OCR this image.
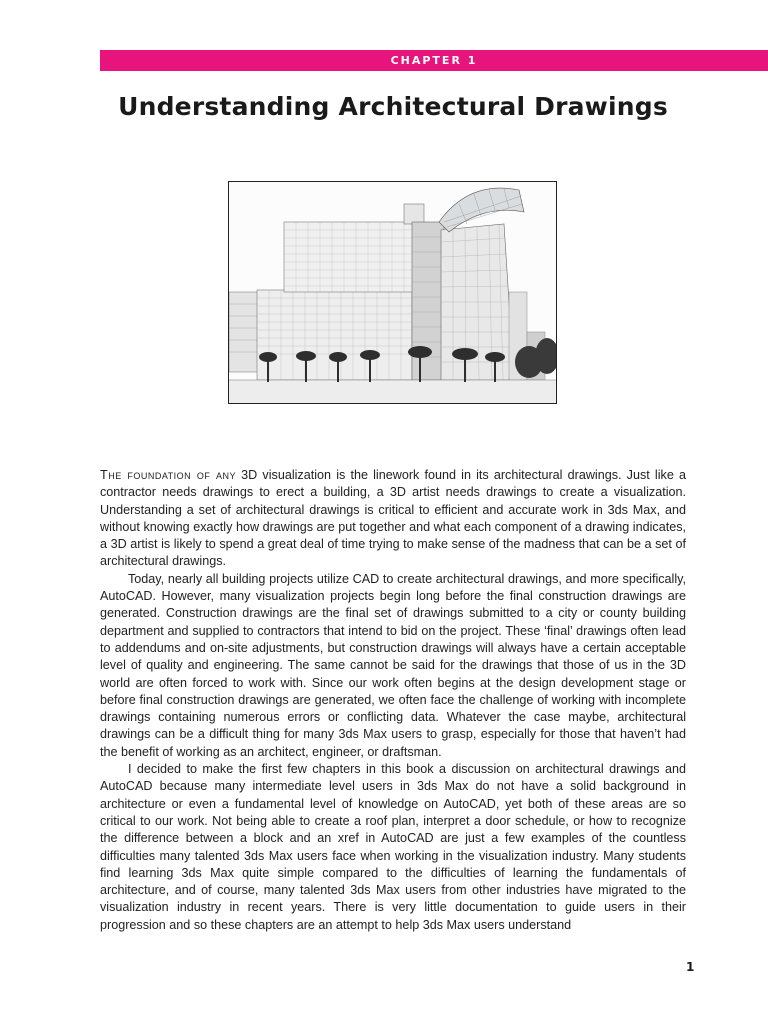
CHAPTER 1
Understanding Architectural Drawings

The foundation of any 3D visualization is the linework found in its architectural drawings. Just like a contractor needs drawings to erect a building, a 3D artist needs drawings to create a visualization. Understanding a set of architectural drawings is critical to efficient and accurate work in 3ds Max, and without knowing exactly how drawings are put together and what each component of a drawing indicates, a 3D artist is likely to spend a great deal of time trying to make sense of the madness that can be a set of architectural drawings.

Today, nearly all building projects utilize CAD to create architectural drawings, and more specifically, AutoCAD. However, many visualization projects begin long before the final construction drawings are generated. Construction drawings are the final set of drawings submitted to a city or county building department and supplied to contractors that intend to bid on the project. These ‘final’ drawings often lead to addendums and on-site adjustments, but construction drawings will always have a certain acceptable level of quality and engineering. The same cannot be said for the drawings that those of us in the 3D world are often forced to work with. Since our work often begins at the design development stage or before final construction drawings are generated, we often face the challenge of working with incomplete drawings containing numerous errors or conflicting data. Whatever the case maybe, architectural drawings can be a difficult thing for many 3ds Max users to grasp, especially for those that haven’t had the benefit of working as an architect, engineer, or draftsman.

I decided to make the first few chapters in this book a discussion on architectural drawings and AutoCAD because many intermediate level users in 3ds Max do not have a solid background in architecture or even a fundamental level of knowledge on AutoCAD, yet both of these areas are so critical to our work. Not being able to create a roof plan, interpret a door schedule, or how to recognize the difference between a block and an xref in AutoCAD are just a few examples of the countless difficulties many talented 3ds Max users face when working in the visualization industry. Many students find learning 3ds Max quite simple compared to the difficulties of learning the fundamentals of architecture, and of course, many talented 3ds Max users from other industries have migrated to the visualization industry in recent years. There is very little documentation to guide users in their progression and so these chapters are an attempt to help 3ds Max users understand

1
